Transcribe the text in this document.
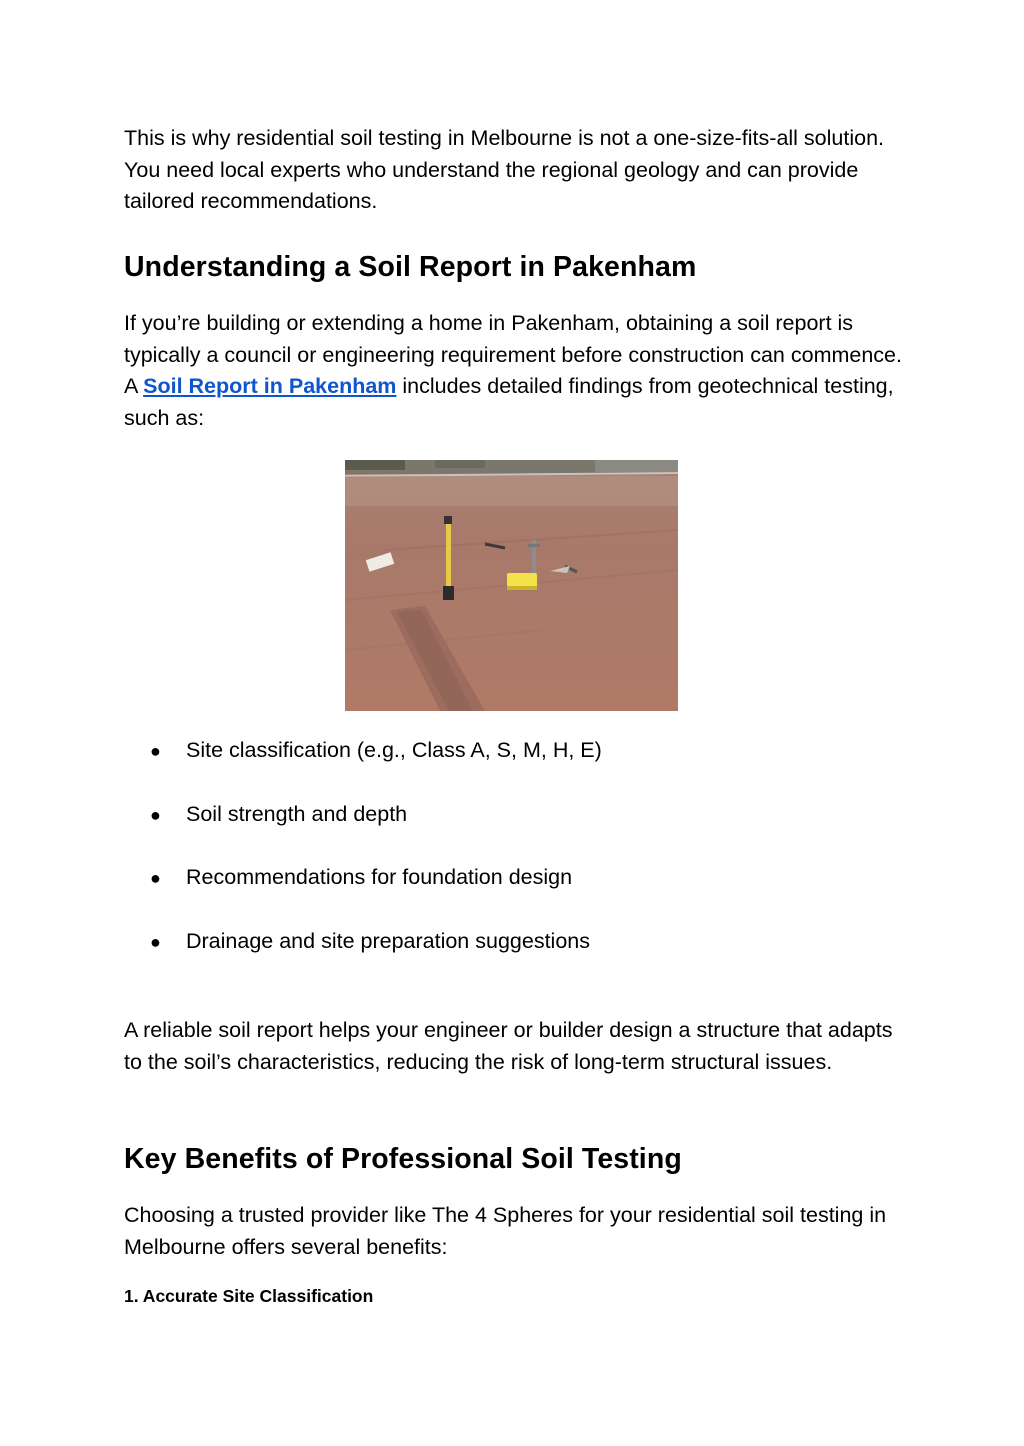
This is why residential soil testing in Melbourne is not a one-size-fits-all solution. You need local experts who understand the regional geology and can provide tailored recommendations.

Understanding a Soil Report in Pakenham

If you’re building or extending a home in Pakenham, obtaining a soil report is typically a council or engineering requirement before construction can commence. A Soil Report in Pakenham includes detailed findings from geotechnical testing, such as:

● Site classification (e.g., Class A, S, M, H, E)
● Soil strength and depth
● Recommendations for foundation design
● Drainage and site preparation suggestions

A reliable soil report helps your engineer or builder design a structure that adapts to the soil’s characteristics, reducing the risk of long-term structural issues.

Key Benefits of Professional Soil Testing

Choosing a trusted provider like The 4 Spheres for your residential soil testing in Melbourne offers several benefits:

1. Accurate Site Classification
